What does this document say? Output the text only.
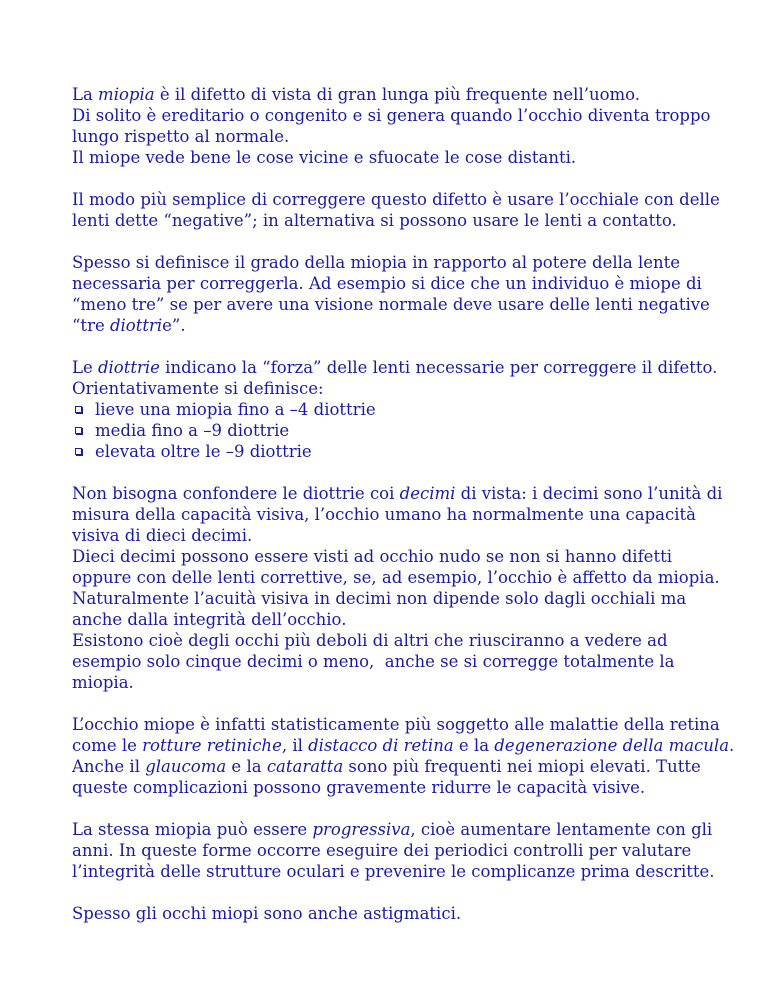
La miopia è il difetto di vista di gran lunga più frequente nell’uomo.
Di solito è ereditario o congenito e si genera quando l’occhio diventa troppo
lungo rispetto al normale.
Il miope vede bene le cose vicine e sfuocate le cose distanti.

Il modo più semplice di correggere questo difetto è usare l’occhiale con delle
lenti dette “negative”; in alternativa si possono usare le lenti a contatto.

Spesso si definisce il grado della miopia in rapporto al potere della lente
necessaria per correggerla. Ad esempio si dice che un individuo è miope di
“meno tre” se per avere una visione normale deve usare delle lenti negative
“tre diottrie”.

Le diottrie indicano la “forza” delle lenti necessarie per correggere il difetto.
Orientativamente si definisce:
lieve una miopia fino a –4 diottrie
media fino a –9 diottrie
elevata oltre le –9 diottrie

Non bisogna confondere le diottrie coi decimi di vista: i decimi sono l’unità di
misura della capacità visiva, l’occhio umano ha normalmente una capacità
visiva di dieci decimi.
Dieci decimi possono essere visti ad occhio nudo se non si hanno difetti
oppure con delle lenti correttive, se, ad esempio, l’occhio è affetto da miopia.
Naturalmente l’acuità visiva in decimi non dipende solo dagli occhiali ma
anche dalla integrità dell’occhio.
Esistono cioè degli occhi più deboli di altri che riusciranno a vedere ad
esempio solo cinque decimi o meno,  anche se si corregge totalmente la
miopia.

L’occhio miope è infatti statisticamente più soggetto alle malattie della retina
come le rotture retiniche, il distacco di retina e la degenerazione della macula.
Anche il glaucoma e la cataratta sono più frequenti nei miopi elevati. Tutte
queste complicazioni possono gravemente ridurre le capacità visive.

La stessa miopia può essere progressiva, cioè aumentare lentamente con gli
anni. In queste forme occorre eseguire dei periodici controlli per valutare
l’integrità delle strutture oculari e prevenire le complicanze prima descritte.

Spesso gli occhi miopi sono anche astigmatici.
